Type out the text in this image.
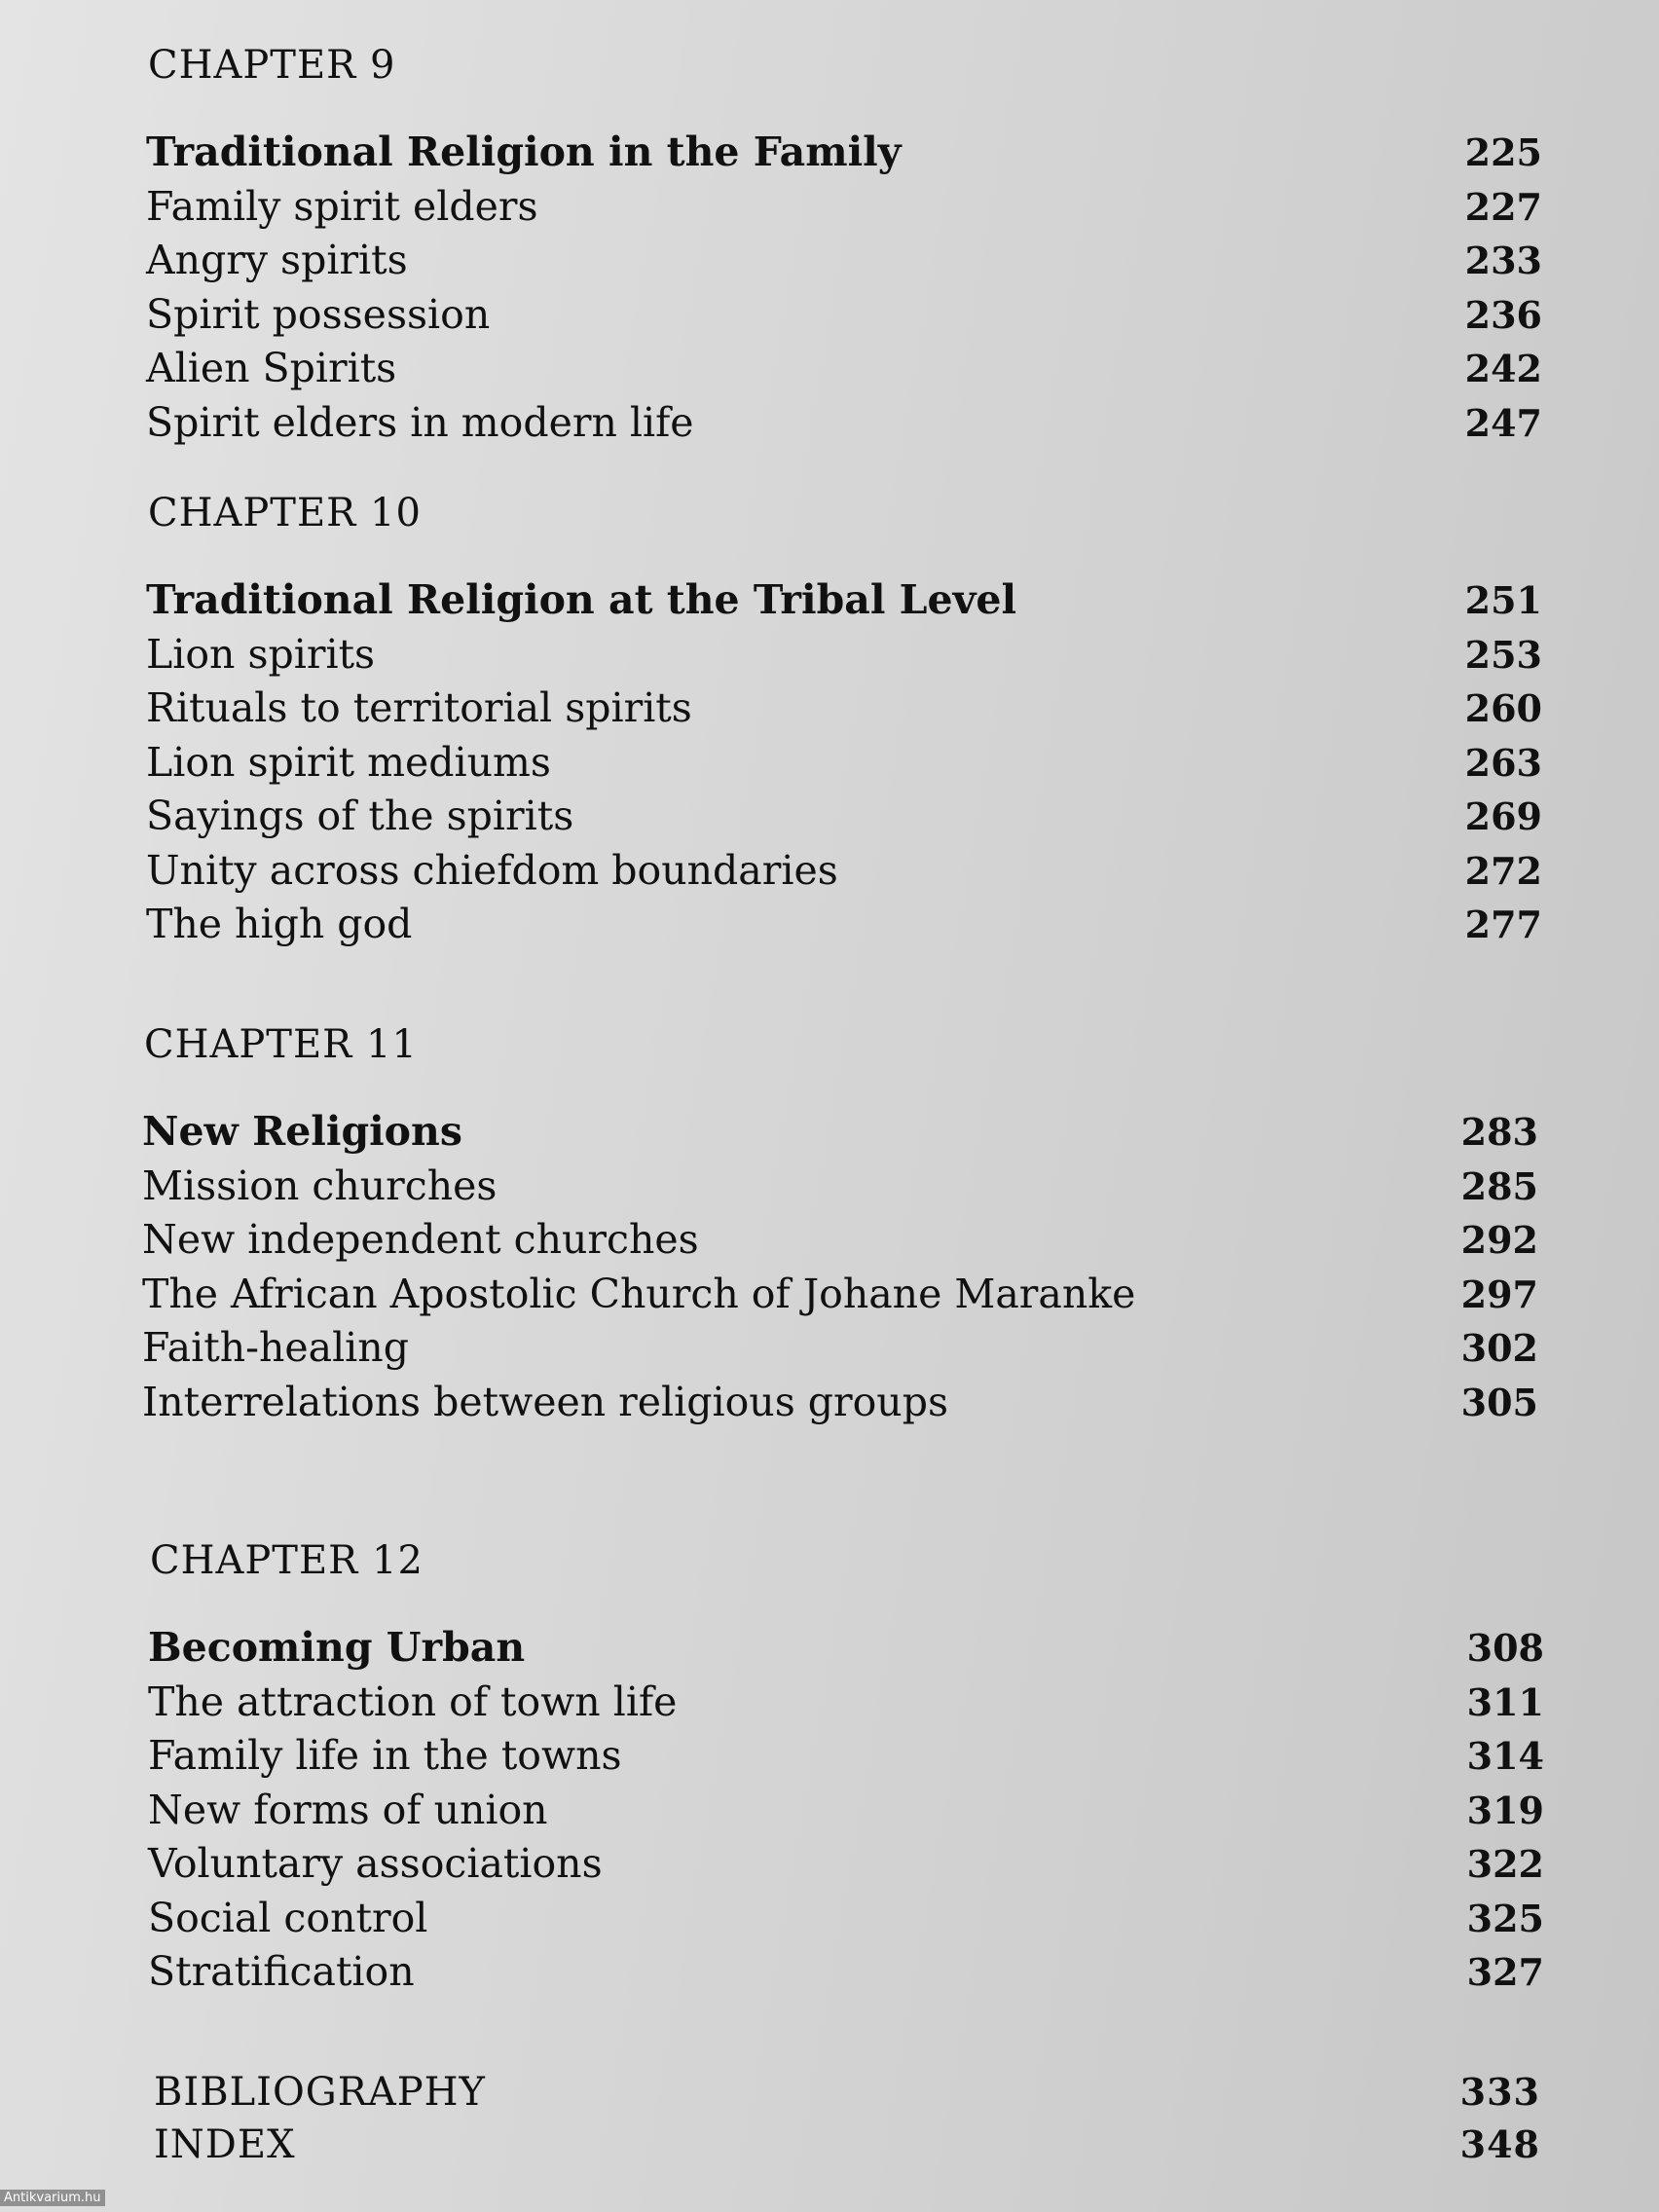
CHAPTER 9
Traditional Religion in the Family	225
Family spirit elders	227
Angry spirits	233
Spirit possession	236
Alien Spirits	242
Spirit elders in modern life	247
CHAPTER 10
Traditional Religion at the Tribal Level	251
Lion spirits	253
Rituals to territorial spirits	260
Lion spirit mediums	263
Sayings of the spirits	269
Unity across chiefdom boundaries	272
The high god	277
CHAPTER 11
New Religions	283
Mission churches	285
New independent churches	292
The African Apostolic Church of Johane Maranke	297
Faith-healing	302
Interrelations between religious groups	305
CHAPTER 12
Becoming Urban	308
The attraction of town life	311
Family life in the towns	314
New forms of union	319
Voluntary associations	322
Social control	325
Stratification	327
BIBLIOGRAPHY	333
INDEX	348
Antikvarium.hu
